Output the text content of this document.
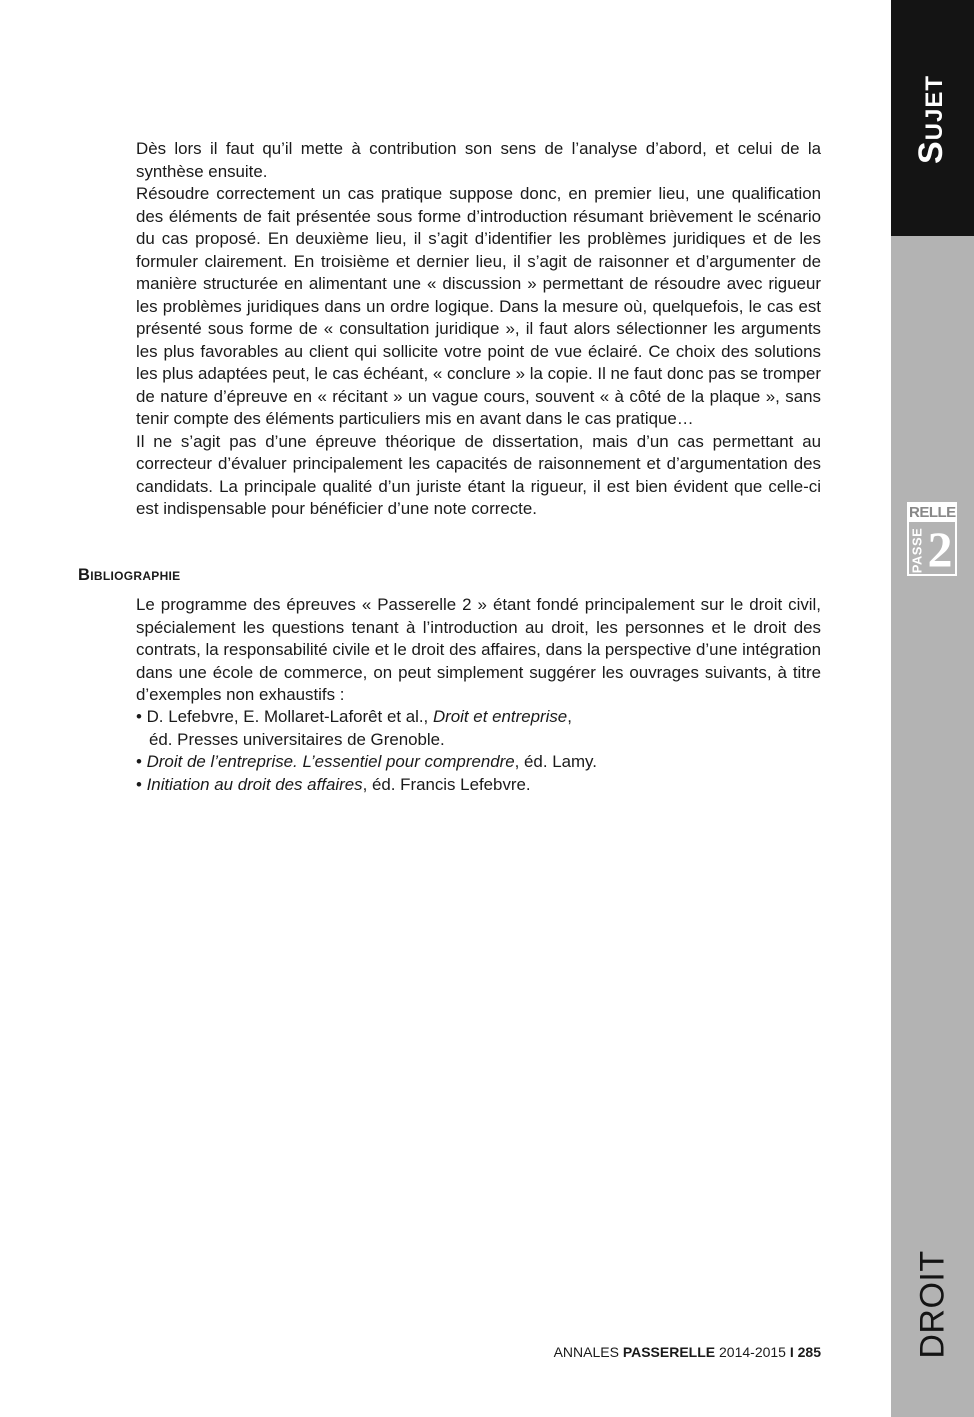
Sujet
RELLE
PASSE 2
DROIT

Dès lors il faut qu’il mette à contribution son sens de l’analyse d’abord, et celui de la synthèse ensuite.

Résoudre correctement un cas pratique suppose donc, en premier lieu, une qualification des éléments de fait présentée sous forme d’introduction résumant brièvement le scénario du cas proposé. En deuxième lieu, il s’agit d’identifier les problèmes juridiques et de les formuler clairement. En troisième et dernier lieu, il s’agit de raisonner et d’argumenter de manière structurée en alimentant une « discussion » permettant de résoudre avec rigueur les problèmes juridiques dans un ordre logique. Dans la mesure où, quelquefois, le cas est présenté sous forme de « consultation juridique », il faut alors sélectionner les arguments les plus favorables au client qui sollicite votre point de vue éclairé. Ce choix des solutions les plus adaptées peut, le cas échéant, « conclure » la copie. Il ne faut donc pas se tromper de nature d’épreuve en « récitant » un vague cours, souvent « à côté de la plaque », sans tenir compte des éléments particuliers mis en avant dans le cas pratique…

Il ne s’agit pas d’une épreuve théorique de dissertation, mais d’un cas permettant au correcteur d’évaluer principalement les capacités de raisonnement et d’argumentation des candidats. La principale qualité d’un juriste étant la rigueur, il est bien évident que celle-ci est indispensable pour bénéficier d’une note correcte.

Bibliographie

Le programme des épreuves « Passerelle 2 » étant fondé principalement sur le droit civil, spécialement les questions tenant à l’introduction au droit, les personnes et le droit des contrats, la responsabilité civile et le droit des affaires, dans la perspective d’une intégration dans une école de commerce, on peut simplement suggérer les ouvrages suivants, à titre d’exemples non exhaustifs :

• D. Lefebvre, E. Mollaret-Laforêt et al., Droit et entreprise,
éd. Presses universitaires de Grenoble.
• Droit de l’entreprise. L’essentiel pour comprendre, éd. Lamy.
• Initiation au droit des affaires, éd. Francis Lefebvre.
ANNALES PASSERELLE 2014-2015 I 285
